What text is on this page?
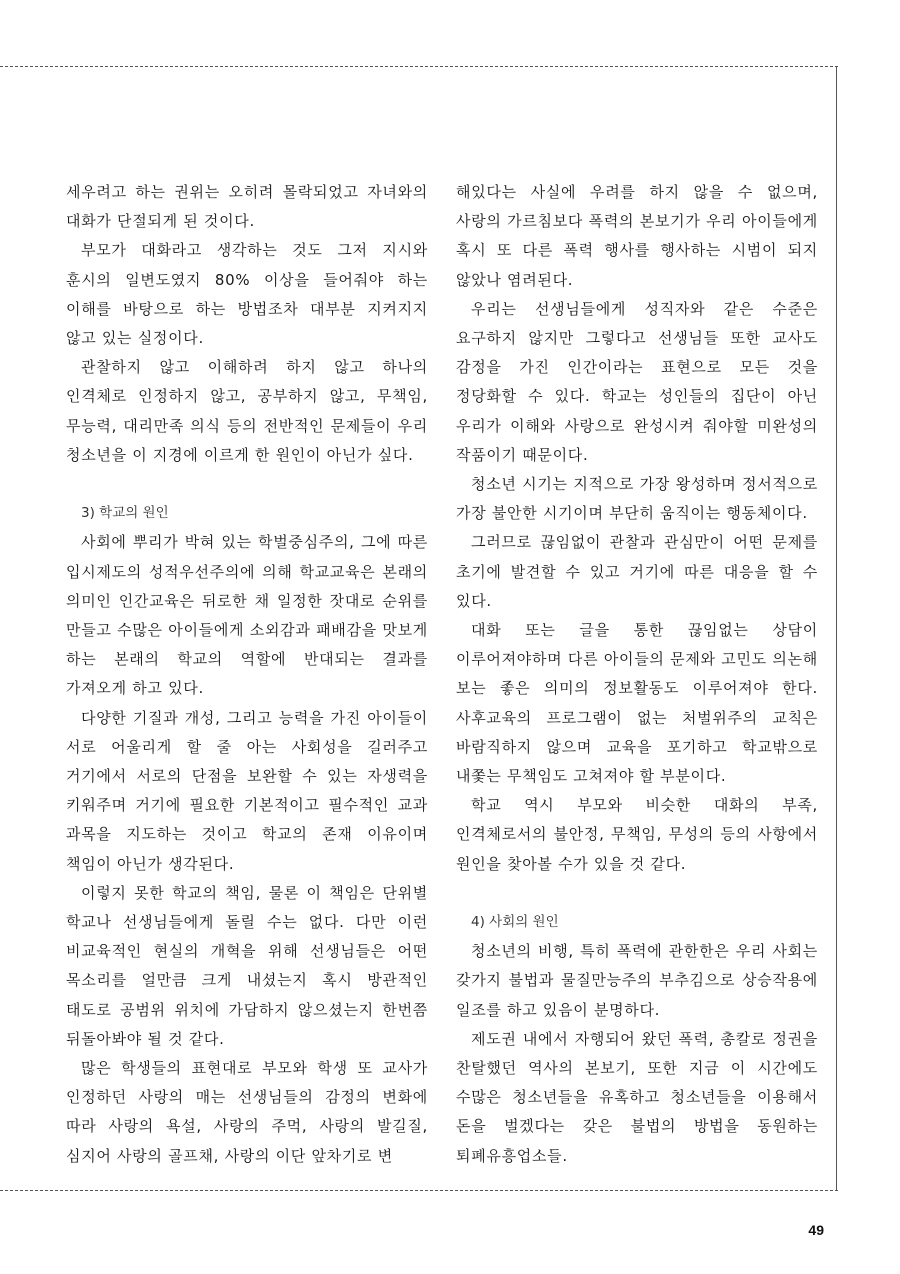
세우려고 하는 권위는 오히려 몰락되었고 자녀와의 대화가 단절되게 된 것이다.

부모가 대화라고 생각하는 것도 그저 지시와 훈시의 일변도였지 80% 이상을 들어줘야 하는 이해를 바탕으로 하는 방법조차 대부분 지켜지지 않고 있는 실정이다.

관찰하지 않고 이해하려 하지 않고 하나의 인격체로 인정하지 않고, 공부하지 않고, 무책임, 무능력, 대리만족 의식 등의 전반적인 문제들이 우리 청소년을 이 지경에 이르게 한 원인이 아닌가 싶다.

3) 학교의 원인

사회에 뿌리가 박혀 있는 학벌중심주의, 그에 따른 입시제도의 성적우선주의에 의해 학교교육은 본래의 의미인 인간교육은 뒤로한 채 일정한 잣대로 순위를 만들고 수많은 아이들에게 소외감과 패배감을 맛보게 하는 본래의 학교의 역할에 반대되는 결과를 가져오게 하고 있다.

다양한 기질과 개성, 그리고 능력을 가진 아이들이 서로 어울리게 할 줄 아는 사회성을 길러주고 거기에서 서로의 단점을 보완할 수 있는 자생력을 키워주며 거기에 필요한 기본적이고 필수적인 교과 과목을 지도하는 것이고 학교의 존재 이유이며 책임이 아닌가 생각된다.

이렇지 못한 학교의 책임, 물론 이 책임은 단위별 학교나 선생님들에게 돌릴 수는 없다. 다만 이런 비교육적인 현실의 개혁을 위해 선생님들은 어떤 목소리를 얼만큼 크게 내셨는지 혹시 방관적인 태도로 공범위 위치에 가담하지 않으셨는지 한번쯤 뒤돌아봐야 될 것 같다.

많은 학생들의 표현대로 부모와 학생 또 교사가 인정하던 사랑의 매는 선생님들의 감정의 변화에 따라 사랑의 욕설, 사랑의 주먹, 사랑의 발길질, 심지어 사랑의 골프채, 사랑의 이단 앞차기로 변

해있다는 사실에 우려를 하지 않을 수 없으며, 사랑의 가르침보다 폭력의 본보기가 우리 아이들에게 혹시 또 다른 폭력 행사를 행사하는 시범이 되지 않았나 염려된다.

우리는 선생님들에게 성직자와 같은 수준은 요구하지 않지만 그렇다고 선생님들 또한 교사도 감정을 가진 인간이라는 표현으로 모든 것을 정당화할 수 있다. 학교는 성인들의 집단이 아닌 우리가 이해와 사랑으로 완성시켜 줘야할 미완성의 작품이기 때문이다.

청소년 시기는 지적으로 가장 왕성하며 정서적으로 가장 불안한 시기이며 부단히 움직이는 행동체이다.

그러므로 끊임없이 관찰과 관심만이 어떤 문제를 초기에 발견할 수 있고 거기에 따른 대응을 할 수 있다.

대화 또는 글을 통한 끊임없는 상담이 이루어져야하며 다른 아이들의 문제와 고민도 의논해 보는 좋은 의미의 정보활동도 이루어져야 한다. 사후교육의 프로그램이 없는 처벌위주의 교칙은 바람직하지 않으며 교육을 포기하고 학교밖으로 내쫓는 무책임도 고쳐져야 할 부분이다.

학교 역시 부모와 비슷한 대화의 부족, 인격체로서의 불안정, 무책임, 무성의 등의 사항에서 원인을 찾아볼 수가 있을 것 같다.

4) 사회의 원인

청소년의 비행, 특히 폭력에 관한한은 우리 사회는 갖가지 불법과 물질만능주의 부추김으로 상승작용에 일조를 하고 있음이 분명하다.

제도권 내에서 자행되어 왔던 폭력, 총칼로 정권을 찬탈했던 역사의 본보기, 또한 지금 이 시간에도 수많은 청소년들을 유혹하고 청소년들을 이용해서 돈을 벌겠다는 갖은 불법의 방법을 동원하는 퇴폐유흥업소들.

49
